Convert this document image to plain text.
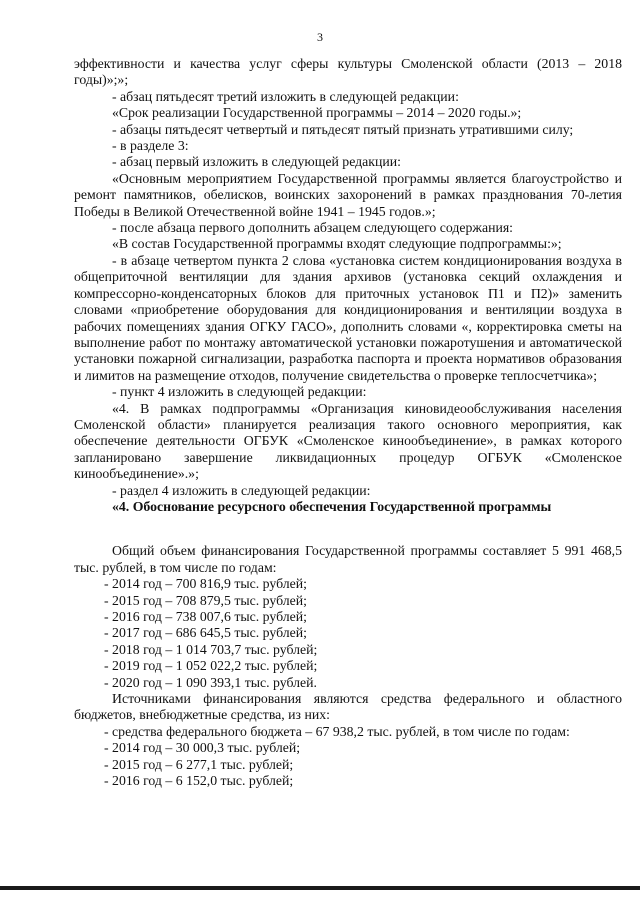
3

эффективности и качества услуг сферы культуры Смоленской области (2013 – 2018 годы)»;»;

- абзац пятьдесят третий изложить в следующей редакции:

«Срок реализации Государственной программы – 2014 – 2020 годы.»;

- абзацы пятьдесят четвертый и пятьдесят пятый признать утратившими силу;

- в разделе 3:

- абзац первый изложить в следующей редакции:

«Основным мероприятием Государственной программы является благоустройство и ремонт памятников, обелисков, воинских захоронений в рамках празднования 70-летия Победы в Великой Отечественной войне 1941 – 1945 годов.»;

- после абзаца первого дополнить абзацем следующего содержания:

«В состав Государственной программы входят следующие подпрограммы:»;

- в абзаце четвертом пункта 2 слова «установка систем кондиционирования воздуха в общеприточной вентиляции для здания архивов (установка секций охлаждения и компрессорно-конденсаторных блоков для приточных установок П1 и П2)» заменить словами «приобретение оборудования для кондиционирования и вентиляции воздуха в рабочих помещениях здания ОГКУ ГАСО», дополнить словами «, корректировка сметы на выполнение работ по монтажу автоматической установки пожаротушения и автоматической установки пожарной сигнализации, разработка паспорта и проекта нормативов образования и лимитов на размещение отходов, получение свидетельства о проверке теплосчетчика»;

- пункт 4 изложить в следующей редакции:

«4. В рамках подпрограммы «Организация киновидеообслуживания населения Смоленской области» планируется реализация такого основного мероприятия, как обеспечение деятельности ОГБУК «Смоленское кинообъединение», в рамках которого запланировано завершение ликвидационных процедур ОГБУК «Смоленское кинообъединение».»;

- раздел 4 изложить в следующей редакции:

«4. Обоснование ресурсного обеспечения Государственной программы

Общий объем финансирования Государственной программы составляет 5 991 468,5 тыс. рублей, в том числе по годам:

- 2014 год – 700 816,9 тыс. рублей;

- 2015 год – 708 879,5 тыс. рублей;

- 2016 год – 738 007,6 тыс. рублей;

- 2017 год – 686 645,5 тыс. рублей;

- 2018 год – 1 014 703,7 тыс. рублей;

- 2019 год – 1 052 022,2 тыс. рублей;

- 2020 год – 1 090 393,1 тыс. рублей.

Источниками финансирования являются средства федерального и областного бюджетов, внебюджетные средства, из них:

- средства федерального бюджета – 67 938,2 тыс. рублей, в том числе по годам:

- 2014 год – 30 000,3 тыс. рублей;

- 2015 год – 6 277,1 тыс. рублей;

- 2016 год – 6 152,0 тыс. рублей;
